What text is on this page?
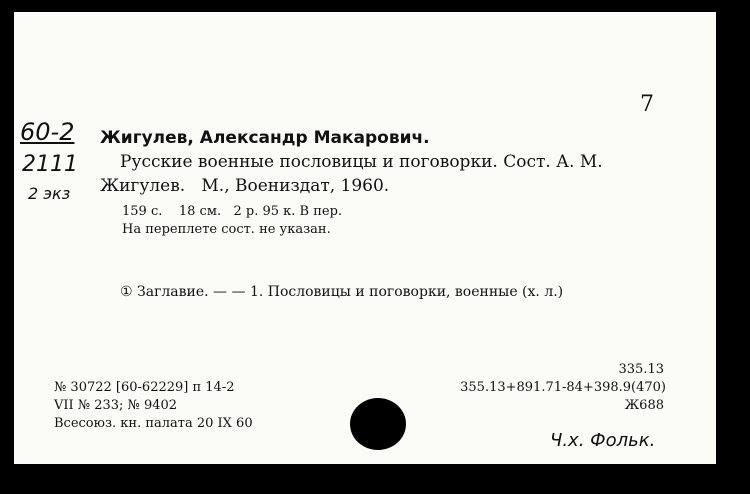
7
60-2
2111
2 экз
Жигулев, Александр Макарович.
Русские военные пословицы и поговорки. Сост. А. М.
Жигулев.   М., Воениздат, 1960.
159 с.    18 см.   2 р. 95 к. В пер.
На переплете сост. не указан.
① Заглавие. — — 1. Пословицы и поговорки, военные (х. л.)
№ 30722 [60-62229] п 14-2
VII № 233; № 9402
Всесоюз. кн. палата 20 IX 60
335.13
355.13+891.71-84+398.9(470)
Ж688
Ч.х. Фольк.
